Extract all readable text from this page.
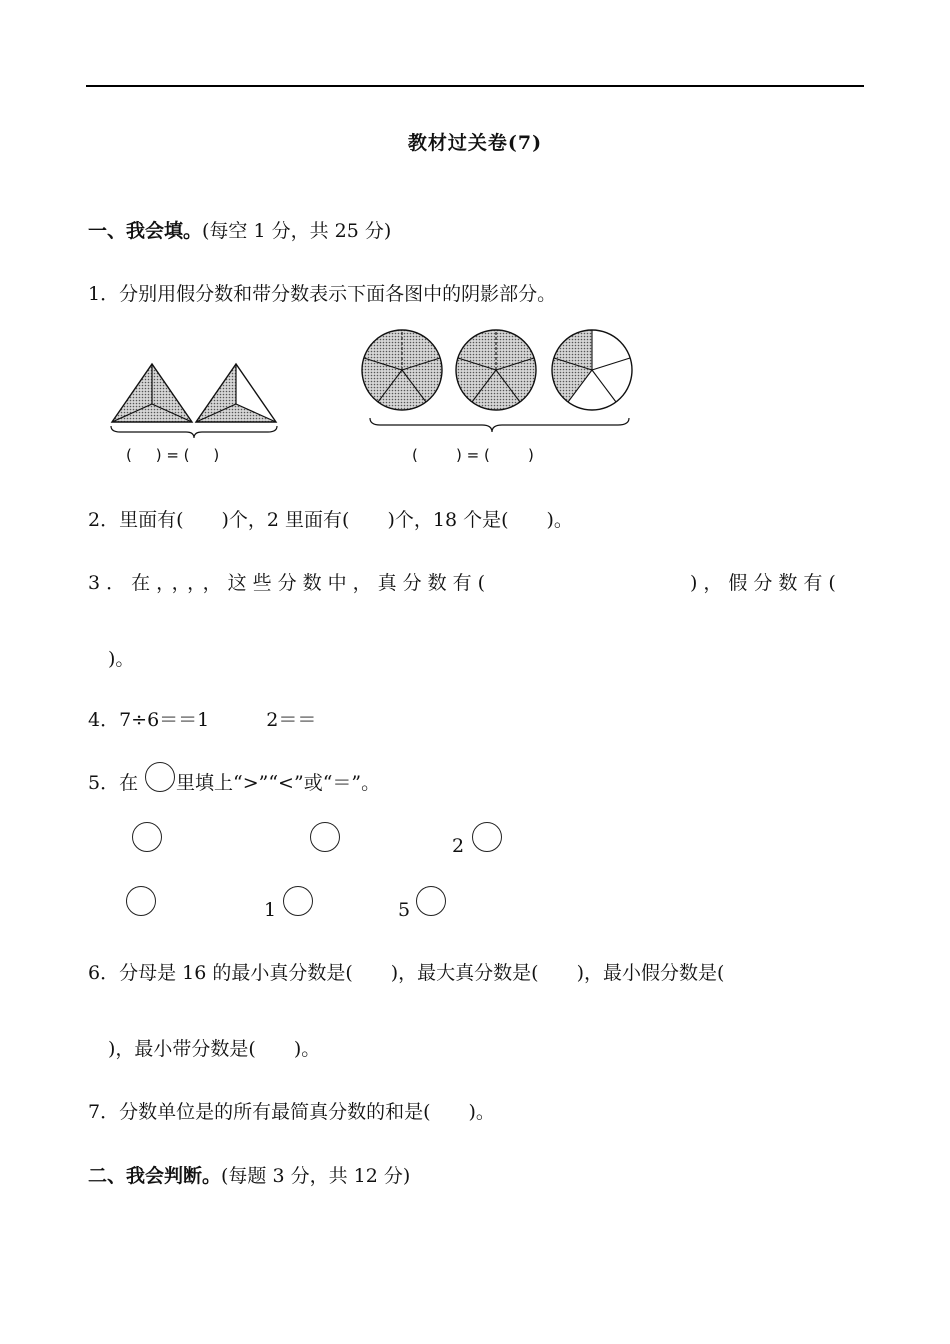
教材过关卷(7)
一、我会填。(每空 1 分，共 25 分)
1．分别用假分数和带分数表示下面各图中的阴影部分。
(     ) = (     )	(        ) = (        )
2．里面有(　　)个，2 里面有(　　)个，18 个是(　　)。
3．在，，，，这些分数中，真分数有(	)，假分数有(
)。
4．7÷6＝＝1　　　2＝＝
5．在 里填上“>”“<”或“＝”。
2
1	5
6．分母是 16 的最小真分数是(　　)，最大真分数是(　　)，最小假分数是(
)，最小带分数是(　　)。
7．分数单位是的所有最简真分数的和是(　　)。
二、我会判断。(每题 3 分，共 12 分)
